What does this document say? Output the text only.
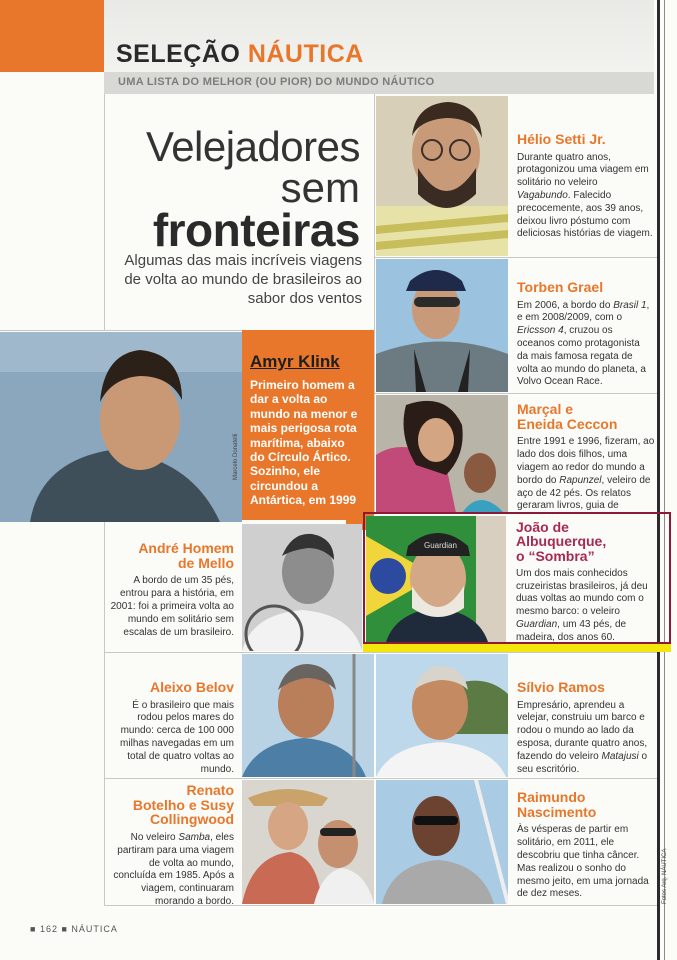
SELEÇÃO NÁUTICA
UMA LISTA DO MELHOR (OU PIOR) DO MUNDO NÁUTICO
Velejadores
sem
fronteiras
Algumas das mais incríveis viagens de volta ao mundo de brasileiros ao sabor dos ventos
Hélio Setti Jr.
Durante quatro anos, protagonizou uma viagem em solitário no veleiro Vagabundo. Falecido precocemente, aos 39 anos, deixou livro póstumo com deliciosas histórias de viagem.
Torben Grael
Em 2006, a bordo do Brasil 1, e em 2008/2009, com o Ericsson 4, cruzou os oceanos como protagonista da mais famosa regata de volta ao mundo do planeta, a Volvo Ocean Race.
Marçal e
Eneida Ceccon
Entre 1991 e 1996, fizeram, ao lado dos dois filhos, uma viagem ao redor do mundo a bordo do Rapunzel, veleiro de aço de 42 pés. Os relatos geraram livros, guia de
Marcelo Donatelli
Amyr Klink
Primeiro homem a dar a volta ao mundo na menor e mais perigosa rota marítima, abaixo do Círculo Ártico. Sozinho, ele circundou a Antártica, em 1999
André Homem
de Mello
A bordo de um 35 pés, entrou para a história, em 2001: foi a primeira volta ao mundo em solitário sem escalas de um brasileiro.
Guardian
João de
Albuquerque,
o “Sombra”
Um dos mais conhecidos cruzeiristas brasileiros, já deu duas voltas ao mundo com o mesmo barco: o veleiro Guardian, um 43 pés, de madeira, dos anos 60.
Aleixo Belov
É o brasileiro que mais rodou pelos mares do mundo: cerca de 100 000 milhas navegadas em um total de quatro voltas ao mundo.
Sílvio Ramos
Empresário, aprendeu a velejar, construiu um barco e rodou o mundo ao lado da esposa, durante quatro anos, fazendo do veleiro Matajusi o seu escritório.
Renato
Botelho e Susy
Collingwood
No veleiro Samba, eles partiram para uma viagem de volta ao mundo, concluída em 1985. Após a viagem, continuaram morando a bordo.
Raimundo
Nascimento
Às vésperas de partir em solitário, em 2011, ele descobriu que tinha câncer. Mas realizou o sonho do mesmo jeito, em uma jornada de dez meses.	Fotos Arq. NÁUTICA
■ 162 ■ NÁUTICA
